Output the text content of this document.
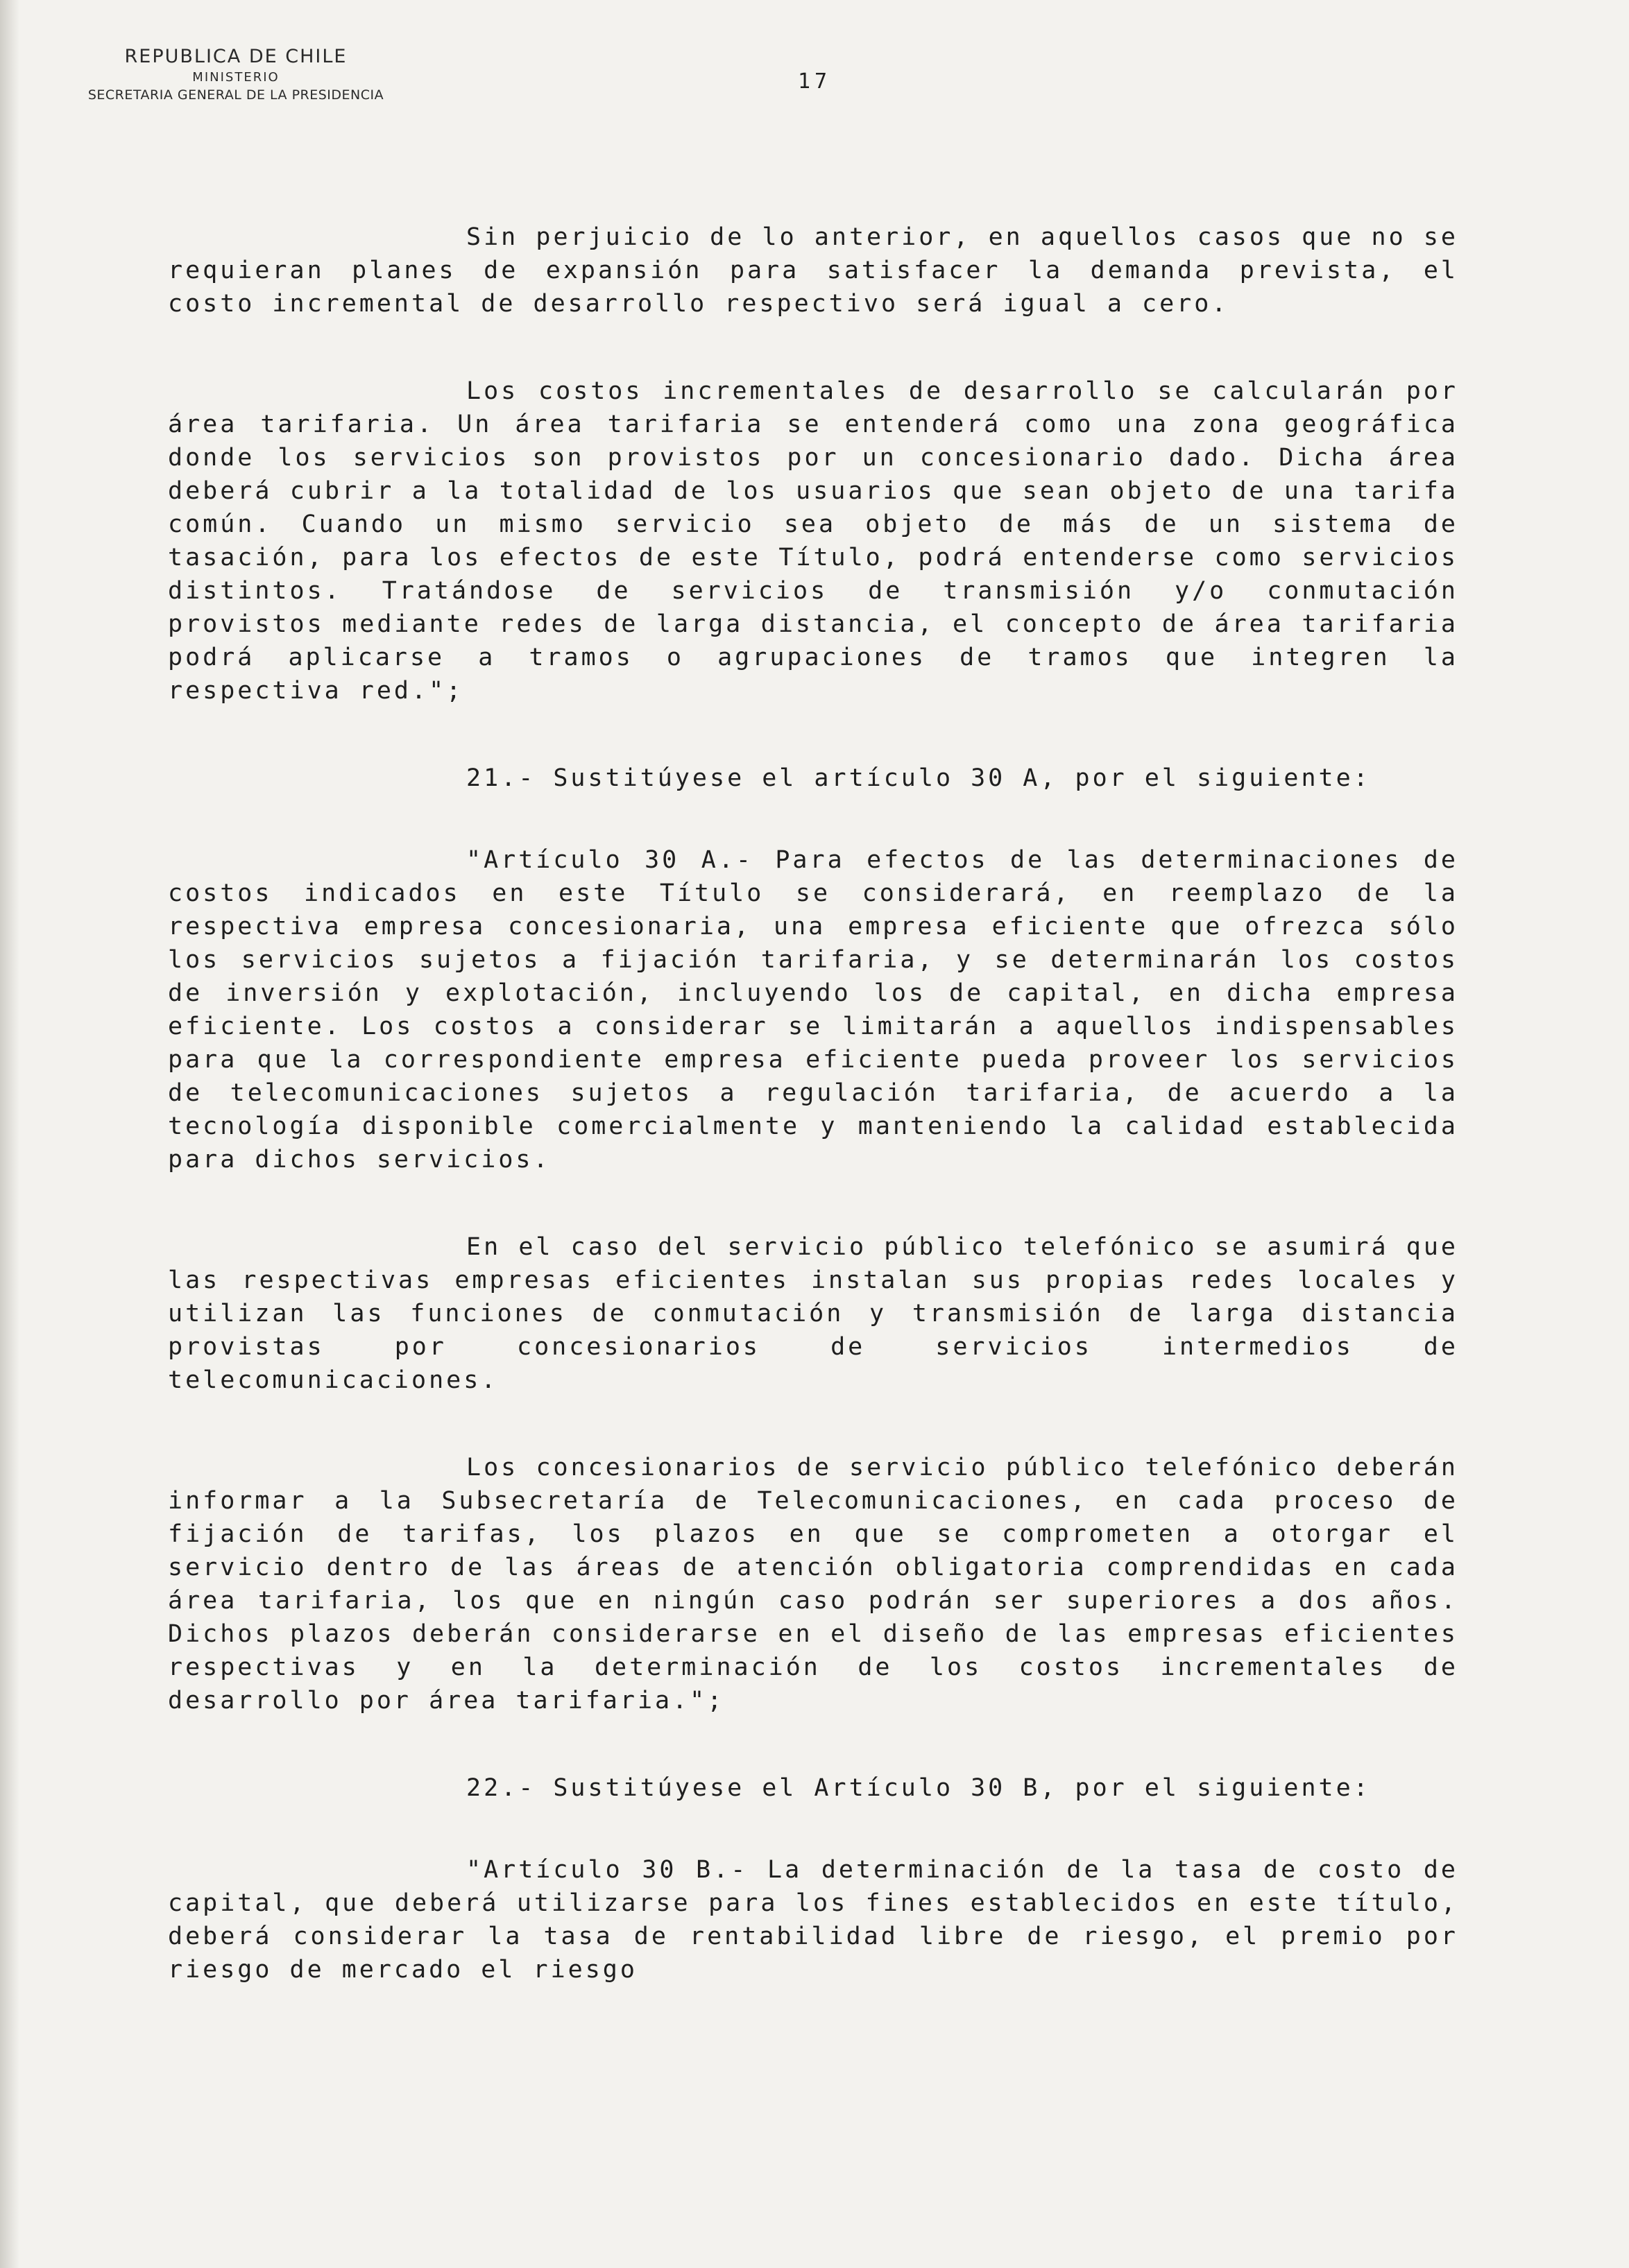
REPUBLICA DE CHILE
MINISTERIO
SECRETARIA GENERAL DE LA PRESIDENCIA
17

Sin perjuicio de lo anterior, en aquellos casos que no se requieran planes de expansión para satisfacer la demanda prevista, el costo incremental de desarrollo respectivo será igual a cero.

Los costos incrementales de desarrollo se calcularán por área tarifaria. Un área tarifaria se entenderá como una zona geográfica donde los servicios son provistos por un concesionario dado. Dicha área deberá cubrir a la totalidad de los usuarios que sean objeto de una tarifa común. Cuando un mismo servicio sea objeto de más de un sistema de tasación, para los efectos de este Título, podrá entenderse como servicios distintos. Tratándose de servicios de transmisión y/o conmutación provistos mediante redes de larga distancia, el concepto de área tarifaria podrá aplicarse a tramos o agrupaciones de tramos que integren la respectiva red.";

21.- Sustitúyese el artículo 30 A, por el siguiente:

"Artículo 30 A.- Para efectos de las determinaciones de costos indicados en este Título se considerará, en reemplazo de la respectiva empresa concesionaria, una empresa eficiente que ofrezca sólo los servicios sujetos a fijación tarifaria, y se determinarán los costos de inversión y explotación, incluyendo los de capital, en dicha empresa eficiente. Los costos a considerar se limitarán a aquellos indispensables para que la correspondiente empresa eficiente pueda proveer los servicios de telecomunicaciones sujetos a regulación tarifaria, de acuerdo a la tecnología disponible comercialmente y manteniendo la calidad establecida para dichos servicios.

En el caso del servicio público telefónico se asumirá que las respectivas empresas eficientes instalan sus propias redes locales y utilizan las funciones de conmutación y transmisión de larga distancia provistas por concesionarios de servicios intermedios de telecomunicaciones.

Los concesionarios de servicio público telefónico deberán informar a la Subsecretaría de Telecomunicaciones, en cada proceso de fijación de tarifas, los plazos en que se comprometen a otorgar el servicio dentro de las áreas de atención obligatoria comprendidas en cada área tarifaria, los que en ningún caso podrán ser superiores a dos años. Dichos plazos deberán considerarse en el diseño de las empresas eficientes respectivas y en la determinación de los costos incrementales de desarrollo por área tarifaria.";

22.- Sustitúyese el Artículo 30 B, por el siguiente:

"Artículo 30 B.- La determinación de la tasa de costo de capital, que deberá utilizarse para los fines establecidos en este título, deberá considerar la tasa de rentabilidad libre de riesgo, el premio por riesgo de mercado el riesgo
